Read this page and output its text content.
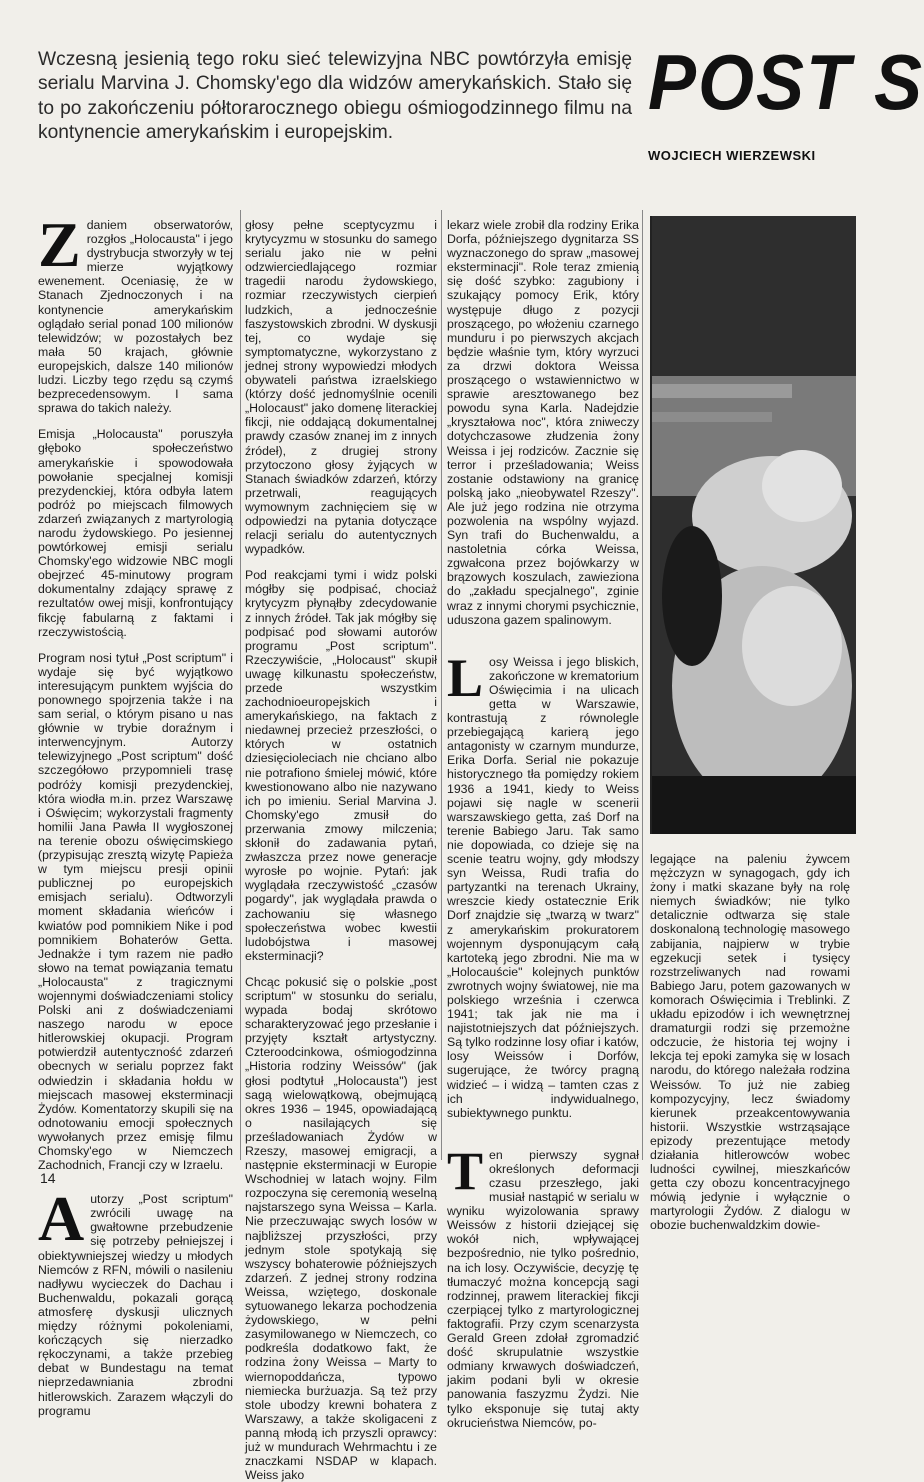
Wczesną jesienią tego roku sieć telewizyjna NBC powtórzyła emisję serialu Marvina J. Chomsky'ego dla widzów amerykańskich. Stało się to po zakończeniu półtorarocznego obiegu ośmiogodzinnego filmu na kontynencie amerykańskim i europejskim.
POST S
WOJCIECH WIERZEWSKI

Zdaniem obserwatorów, rozgłos „Holocausta" i jego dystrybucja stworzyły w tej mierze wyjątkowy ewenement. Oceniasię, że w Stanach Zjednoczonych i na kontynencie amerykańskim oglądało serial ponad 100 milionów telewidzów; w pozostałych bez mała 50 krajach, głównie europejskich, dalsze 140 milionów ludzi. Liczby tego rzędu są czymś bezprecedensowym. I sama sprawa do takich należy.

Emisja „Holocausta" poruszyła głęboko społeczeństwo amerykańskie i spowodowała powołanie specjalnej komisji prezydenckiej, która odbyła latem podróż po miejscach filmowych zdarzeń związanych z martyrologią narodu żydowskiego. Po jesiennej powtórkowej emisji serialu Chomsky'ego widzowie NBC mogli obejrzeć 45-minutowy program dokumentalny zdający sprawę z rezultatów owej misji, konfrontujący fikcję fabularną z faktami i rzeczywistością.

Program nosi tytuł „Post scriptum" i wydaje się być wyjątkowo interesującym punktem wyjścia do ponownego spojrzenia także i na sam serial, o którym pisano u nas głównie w trybie doraźnym i interwencyjnym. Autorzy telewizyjnego „Post scriptum" dość szczegółowo przypomnieli trasę podróży komisji prezydenckiej, która wiodła m.in. przez Warszawę i Oświęcim; wykorzystali fragmenty homilii Jana Pawła II wygłoszonej na terenie obozu oświęcimskiego (przypisując zresztą wizytę Papieża w tym miejscu presji opinii publicznej po europejskich emisjach serialu). Odtworzyli moment składania wieńców i kwiatów pod pomnikiem Nike i pod pomnikiem Bohaterów Getta. Jednakże i tym razem nie padło słowo na temat powiązania tematu „Holocausta" z tragicznymi wojennymi doświadczeniami stolicy Polski ani z doświadczeniami naszego narodu w epoce hitlerowskiej okupacji. Program potwierdził autentyczność zdarzeń obecnych w serialu poprzez fakt odwiedzin i składania hołdu w miejscach masowej eksterminacji Żydów. Komentatorzy skupili się na odnotowaniu emocji społecznych wywołanych przez emisję filmu Chomsky'ego w Niemczech Zachodnich, Francji czy w Izraelu.

Autorzy „Post scriptum" zwrócili uwagę na gwałtowne przebudzenie się potrzeby pełniejszej i obiektywniejszej wiedzy u młodych Niemców z RFN, mówili o nasileniu nadływu wycieczek do Dachau i Buchenwaldu, pokazali gorącą atmosferę dyskusji ulicznych między różnymi pokoleniami, kończących się nierzadko rękoczynami, a także przebieg debat w Bundestagu na temat nieprzedawniania zbrodni hitlerowskich. Zarazem włączyli do programu

głosy pełne sceptycyzmu i krytycyzmu w stosunku do samego serialu jako nie w pełni odzwierciedlającego rozmiar tragedii narodu żydowskiego, rozmiar rzeczywistych cierpień ludzkich, a jednocześnie faszystowskich zbrodni. W dyskusji tej, co wydaje się symptomatyczne, wykorzystano z jednej strony wypowiedzi młodych obywateli państwa izraelskiego (którzy dość jednomyślnie ocenili „Holocaust" jako domenę literackiej fikcji, nie oddającą dokumentalnej prawdy czasów znanej im z innych źródeł), z drugiej strony przytoczono głosy żyjących w Stanach świadków zdarzeń, którzy przetrwali, reagujących wymownym zachnięciem się w odpowiedzi na pytania dotyczące relacji serialu do autentycznych wypadków.

Pod reakcjami tymi i widz polski mógłby się podpisać, chociaż krytycyzm płynąłby zdecydowanie z innych źródeł. Tak jak mógłby się podpisać pod słowami autorów programu „Post scriptum". Rzeczywiście, „Holocaust" skupił uwagę kilkunastu społeczeństw, przede wszystkim zachodnioeuropejskich i amerykańskiego, na faktach z niedawnej przecież przeszłości, o których w ostatnich dziesięcioleciach nie chciano albo nie potrafiono śmielej mówić, które kwestionowano albo nie nazywano ich po imieniu. Serial Marvina J. Chomsky'ego zmusił do przerwania zmowy milczenia; skłonił do zadawania pytań, zwłaszcza przez nowe generacje wyrosłe po wojnie. Pytań: jak wyglądała rzeczywistość „czasów pogardy", jak wyglądała prawda o zachowaniu się własnego społeczeństwa wobec kwestii ludobójstwa i masowej eksterminacji?

Chcąc pokusić się o polskie „post scriptum" w stosunku do serialu, wypada bodaj skrótowo scharakteryzować jego przesłanie i przyjęty kształt artystyczny. Czteroodcinkowa, ośmiogodzinna „Historia rodziny Weissów" (jak głosi podtytuł „Holocausta") jest sagą wielowątkową, obejmującą okres 1936 – 1945, opowiadającą o nasilających się prześladowaniach Żydów w Rzeszy, masowej emigracji, a następnie eksterminacji w Europie Wschodniej w latach wojny. Film rozpoczyna się ceremonią weselną najstarszego syna Weissa – Karla. Nie przeczuwając swych losów w najbliższej przyszłości, przy jednym stole spotykają się wszyscy bohaterowie późniejszych zdarzeń. Z jednej strony rodzina Weissa, wziętego, doskonale sytuowanego lekarza pochodzenia żydowskiego, w pełni zasymilowanego w Niemczech, co podkreśla dodatkowo fakt, że rodzina żony Weissa – Marty to wiernopoddańcza, typowo niemiecka burżuazja. Są też przy stole ubodzy krewni bohatera z Warszawy, a także skoligaceni z panną młodą ich przyszli oprawcy: już w mundurach Wehrmachtu i ze znaczkami NSDAP w klapach. Weiss jako

lekarz wiele zrobił dla rodziny Erika Dorfa, późniejszego dygnitarza SS wyznaczonego do spraw „masowej eksterminacji". Role teraz zmienią się dość szybko: zagubiony i szukający pomocy Erik, który występuje długo z pozycji proszącego, po włożeniu czarnego munduru i po pierwszych akcjach będzie właśnie tym, który wyrzuci za drzwi doktora Weissa proszącego o wstawiennictwo w sprawie aresztowanego bez powodu syna Karla. Nadejdzie „kryształowa noc", która zniweczy dotychczasowe złudzenia żony Weissa i jej rodziców. Zacznie się terror i prześladowania; Weiss zostanie odstawiony na granicę polską jako „nieobywatel Rzeszy". Ale już jego rodzina nie otrzyma pozwolenia na wspólny wyjazd. Syn trafi do Buchenwaldu, a nastoletnia córka Weissa, zgwałcona przez bojówkarzy w brązowych koszulach, zawieziona do „zakładu specjalnego", zginie wraz z innymi chorymi psychicznie, uduszona gazem spalinowym.

Losy Weissa i jego bliskich, zakończone w krematorium Oświęcimia i na ulicach getta w Warszawie, kontrastują z równolegle przebiegającą karierą jego antagonisty w czarnym mundurze, Erika Dorfa. Serial nie pokazuje historycznego tła pomiędzy rokiem 1936 a 1941, kiedy to Weiss pojawi się nagle w scenerii warszawskiego getta, zaś Dorf na terenie Babiego Jaru. Tak samo nie dopowiada, co dzieje się na scenie teatru wojny, gdy młodszy syn Weissa, Rudi trafia do partyzantki na terenach Ukrainy, wreszcie kiedy ostatecznie Erik Dorf znajdzie się „twarzą w twarz" z amerykańskim prokuratorem wojennym dysponującym całą kartoteką jego zbrodni. Nie ma w „Holocauście" kolejnych punktów zwrotnych wojny światowej, nie ma polskiego września i czerwca 1941; tak jak nie ma i najistotniejszych dat późniejszych. Są tylko rodzinne losy ofiar i katów, losy Weissów i Dorfów, sugerujące, że twórcy pragną widzieć – i widzą – tamten czas z ich indywidualnego, subiektywnego punktu.

Ten pierwszy sygnał określonych deformacji czasu przeszłego, jaki musiał nastąpić w serialu w wyniku wyizolowania sprawy Weissów z historii dziejącej się wokół nich, wpływającej bezpośrednio, nie tylko pośrednio, na ich losy. Oczywiście, decyzję tę tłumaczyć można koncepcją sagi rodzinnej, prawem literackiej fikcji czerpiącej tylko z martyrologicznej faktografii. Przy czym scenarzysta Gerald Green zdołał zgromadzić dość skrupulatnie wszystkie odmiany krwawych doświadczeń, jakim podani byli w okresie panowania faszyzmu Żydzi. Nie tylko eksponuje się tutaj akty okrucieństwa Niemców, po-

legające na paleniu żywcem mężczyzn w synagogach, gdy ich żony i matki skazane były na rolę niemych świadków; nie tylko detalicznie odtwarza się stale doskonaloną technologię masowego zabijania, najpierw w trybie egzekucji setek i tysięcy rozstrzeliwanych nad rowami Babiego Jaru, potem gazowanych w komorach Oświęcimia i Treblinki. Z układu epizodów i ich wewnętrznej dramaturgii rodzi się przemożne odczucie, że historia tej wojny i lekcja tej epoki zamyka się w losach narodu, do którego należała rodzina Weissów. To już nie zabieg kompozycyjny, lecz świadomy kierunek przeakcentowywania historii. Wszystkie wstrząsające epizody prezentujące metody działania hitlerowców wobec ludności cywilnej, mieszkańców getta czy obozu koncentracyjnego mówią jedynie i wyłącznie o martyrologii Żydów. Z dialogu w obozie buchenwaldzkim dowie-

14
